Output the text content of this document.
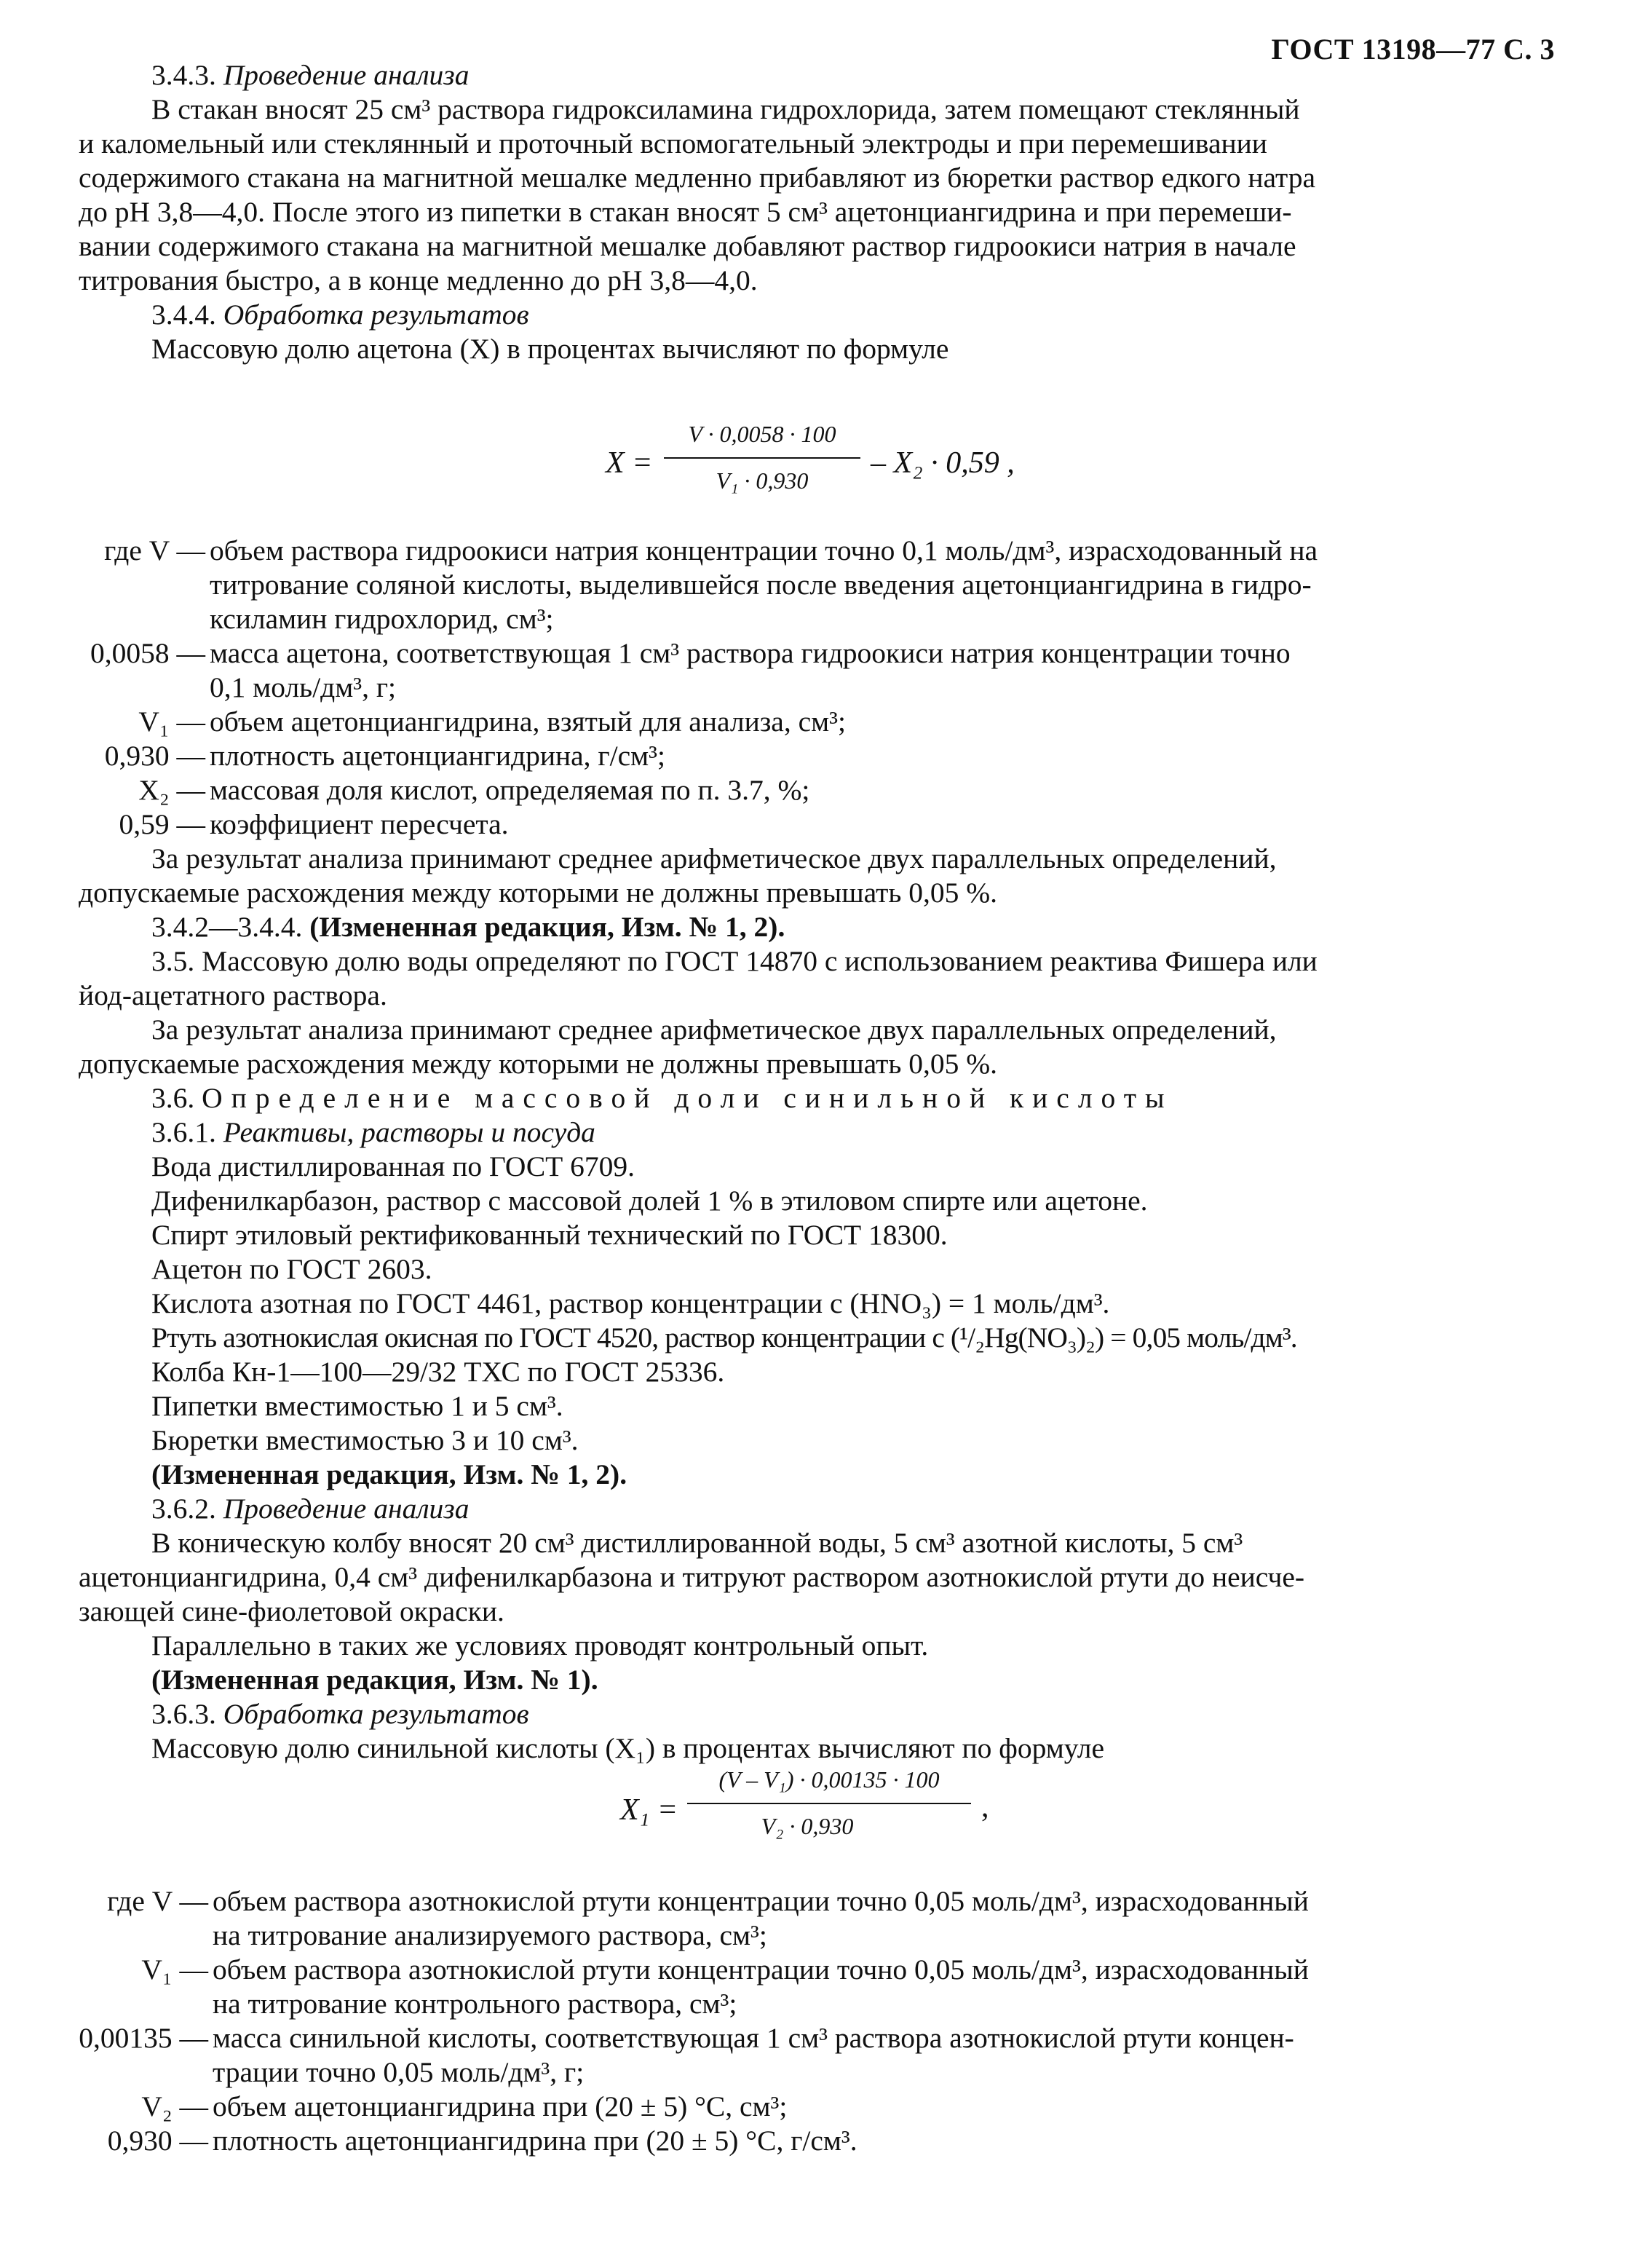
ГОСТ 13198—77 С. 3
3.4.3. Проведение анализа
В стакан вносят 25 см³ раствора гидроксиламина гидрохлорида, затем помещают стеклянный
и каломельный или стеклянный и проточный вспомогательный электроды и при перемешивании
содержимого стакана на магнитной мешалке медленно прибавляют из бюретки раствор едкого натра
до pH 3,8—4,0. После этого из пипетки в стакан вносят 5 см³ ацетонциангидрина и при перемеши-
вании содержимого стакана на магнитной мешалке добавляют раствор гидроокиси натрия в начале
титрования быстро, а в конце медленно до pH 3,8—4,0.
3.4.4. Обработка результатов
Массовую долю ацетона (X) в процентах вычисляют по формуле
X =
V · 0,0058 · 100
V₁ · 0,930
– X₂ · 0,59 ,
где V — объем раствора гидроокиси натрия концентрации точно 0,1 моль/дм³, израсходованный на
титрование соляной кислоты, выделившейся после введения ацетонциангидрина в гидро-
ксиламин гидрохлорид, см³;
0,0058 — масса ацетона, соответствующая 1 см³ раствора гидроокиси натрия концентрации точно
0,1 моль/дм³, г;
V₁ — объем ацетонциангидрина, взятый для анализа, см³;
0,930 — плотность ацетонциангидрина, г/см³;
X₂ — массовая доля кислот, определяемая по п. 3.7, %;
0,59 — коэффициент пересчета.
За результат анализа принимают среднее арифметическое двух параллельных определений,
допускаемые расхождения между которыми не должны превышать 0,05 %.
3.4.2—3.4.4. (Измененная редакция, Изм. № 1, 2).
3.5. Массовую долю воды определяют по ГОСТ 14870 с использованием реактива Фишера или
йод-ацетатного раствора.
За результат анализа принимают среднее арифметическое двух параллельных определений,
допускаемые расхождения между которыми не должны превышать 0,05 %.
3.6. Определение массовой доли синильной кислоты
3.6.1. Реактивы, растворы и посуда
Вода дистиллированная по ГОСТ 6709.
Дифенилкарбазон, раствор с массовой долей 1 % в этиловом спирте или ацетоне.
Спирт этиловый ректификованный технический по ГОСТ 18300.
Ацетон по ГОСТ 2603.
Кислота азотная по ГОСТ 4461, раствор концентрации c (HNO₃) = 1 моль/дм³.
Ртуть азотнокислая окисная по ГОСТ 4520, раствор концентрации c (¹/₂Hg(NO₃)₂) = 0,05 моль/дм³.
Колба Кн-1—100—29/32 ТХС по ГОСТ 25336.
Пипетки вместимостью 1 и 5 см³.
Бюретки вместимостью 3 и 10 см³.
(Измененная редакция, Изм. № 1, 2).
3.6.2. Проведение анализа
В коническую колбу вносят 20 см³ дистиллированной воды, 5 см³ азотной кислоты, 5 см³
ацетонциангидрина, 0,4 см³ дифенилкарбазона и титруют раствором азотнокислой ртути до неисче-
зающей сине-фиолетовой окраски.
Параллельно в таких же условиях проводят контрольный опыт.
(Измененная редакция, Изм. № 1).
3.6.3. Обработка результатов
Массовую долю синильной кислоты (X₁) в процентах вычисляют по формуле
X₁ =
(V – V₁) · 0,00135 · 100
V₂ · 0,930
,
где V — объем раствора азотнокислой ртути концентрации точно 0,05 моль/дм³, израсходованный
на титрование анализируемого раствора, см³;
V₁ — объем раствора азотнокислой ртути концентрации точно 0,05 моль/дм³, израсходованный
на титрование контрольного раствора, см³;
0,00135 — масса синильной кислоты, соответствующая 1 см³ раствора азотнокислой ртути концен-
трации точно 0,05 моль/дм³, г;
V₂ — объем ацетонциангидрина при (20 ± 5) °С, см³;
0,930 — плотность ацетонциангидрина при (20 ± 5) °С, г/см³.
